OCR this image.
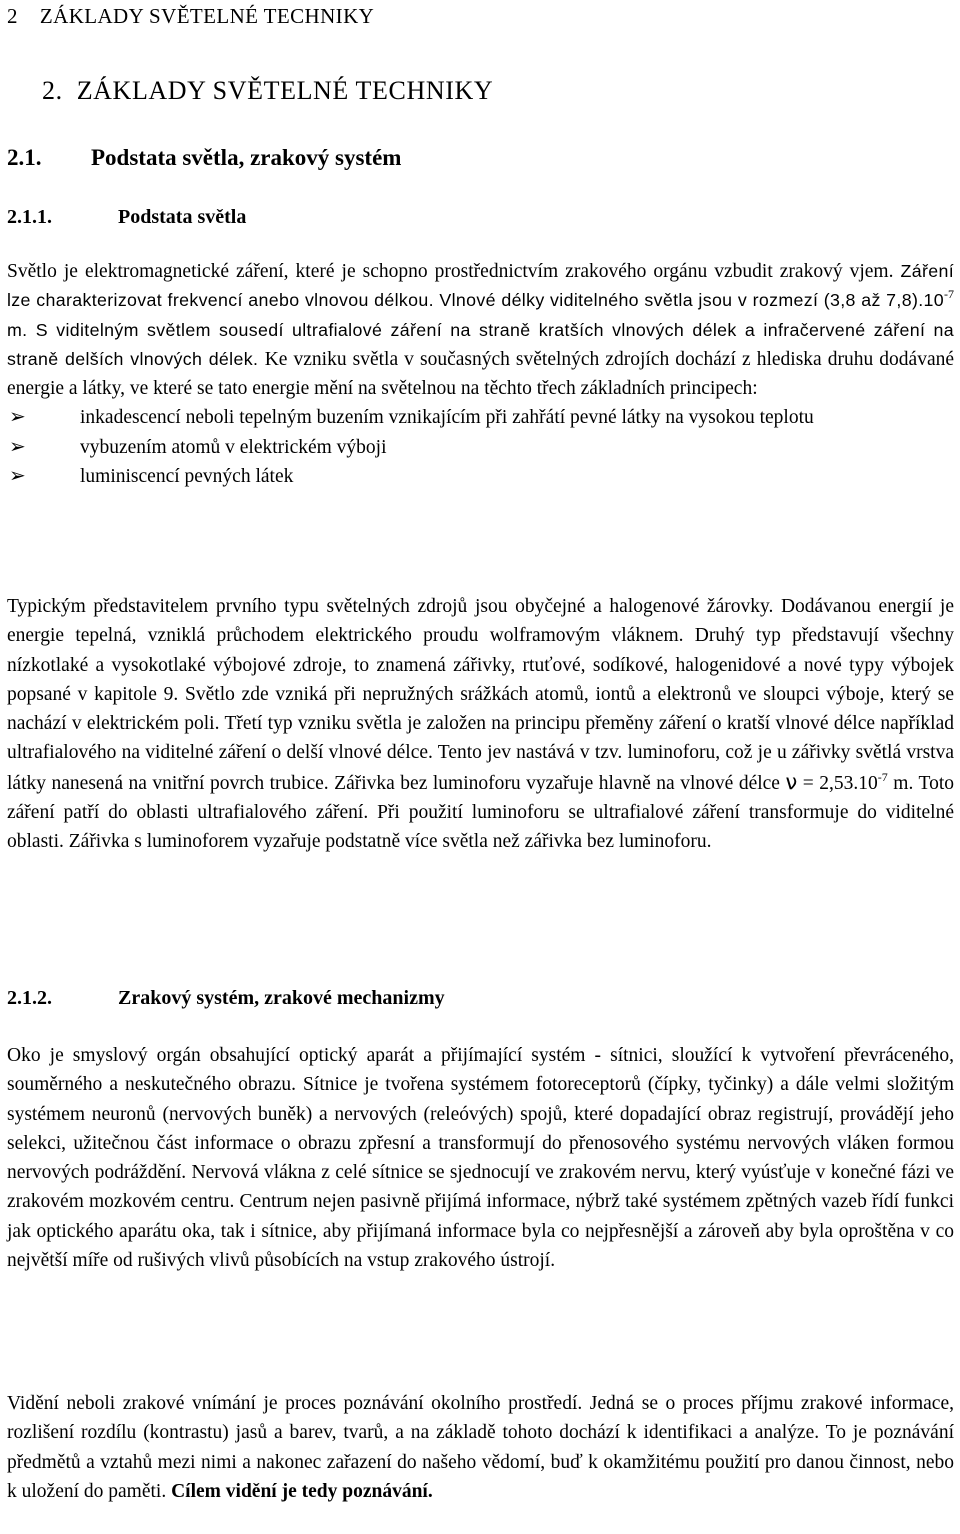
2 ZÁKLADY SVĚTELNÉ TECHNIKY
2. ZÁKLADY SVĚTELNÉ TECHNIKY
2.1. Podstata světla, zrakový systém
2.1.1.	Podstata světla
Světlo je elektromagnetické záření, které je schopno prostřednictvím zrakového orgánu vzbudit zrakový vjem. Záření lze charakterizovat frekvencí anebo vlnovou délkou. Vlnové délky viditelného světla jsou v rozmezí (3,8 až $7,8).10^{-7}$ m. S viditelným světlem sousedí ultrafialové záření na straně kratších vlnových délek a infračervené záření na straně delších vlnových délek. Ke vzniku světla v současných světelných zdrojích dochází z hlediska druhu dodávané energie a látky, ve které se tato energie mění na světelnou na těchto třech základních principech:
➢	inkadescencí neboli tepelným buzením vznikajícím při zahřátí pevné látky na vysokou teplotu
➢	vybuzením atomů v elektrickém výboji
➢	luminiscencí pevných látek

Typickým představitelem prvního typu světelných zdrojů jsou obyčejné a halogenové žárovky. Dodávanou energií je energie tepelná, vzniklá průchodem elektrického proudu wolframovým vláknem. Druhý typ představují všechny nízkotlaké a vysokotlaké výbojové zdroje, to znamená zářivky, rtuťové, sodíkové, halogenidové a nové typy výbojek popsané v kapitole 9. Světlo zde vzniká při nepružných srážkách atomů, iontů a elektronů ve sloupci výboje, který se nachází v elektrickém poli. Třetí typ vzniku světla je založen na principu přeměny záření o kratší vlnové délce například ultrafialového na viditelné záření o delší vlnové délce. Tento jev nastává v tzv. luminoforu, což je u zářivky světlá vrstva látky nanesená na vnitřní povrch trubice. Zářivka bez luminoforu vyzařuje hlavně na vlnové délce $\nu = 2,53.10^{-7}$ m. Toto záření patří do oblasti ultrafialového záření. Při použití luminoforu se ultrafialové záření transformuje do viditelné oblasti. Zářivka s luminoforem vyzařuje podstatně více světla než zářivka bez luminoforu.

2.1.2.	Zrakový systém, zrakové mechanizmy

Oko je smyslový orgán obsahující optický aparát a přijímající systém - sítnici, sloužící k vytvoření převráceného, souměrného a neskutečného obrazu. Sítnice je tvořena systémem fotoreceptorů (čípky, tyčinky) a dále velmi složitým systémem neuronů (nervových buněk) a nervových (releóvých) spojů, které dopadající obraz registrují, provádějí jeho selekci, užitečnou část informace o obrazu zpřesní a transformují do přenosového systému nervových vláken formou nervových podráždění. Nervová vlákna z celé sítnice se sjednocují ve zrakovém nervu, který vyúsťuje v konečné fázi ve zrakovém mozkovém centru. Centrum nejen pasivně přijímá informace, nýbrž také systémem zpětných vazeb řídí funkci jak optického aparátu oka, tak i sítnice, aby přijímaná informace byla co nejpřesnější a zároveň aby byla oproštěna v co největší míře od rušivých vlivů působících na vstup zrakového ústrojí.

Vidění neboli zrakové vnímání je proces poznávání okolního prostředí. Jedná se o proces příjmu zrakové informace, rozlišení rozdílu (kontrastu) jasů a barev, tvarů, a na základě tohoto dochází k identifikaci a analýze. To je poznávání předmětů a vztahů mezi nimi a nakonec zařazení do našeho vědomí, buď k okamžitému použití pro danou činnost, nebo k uložení do paměti. Cílem vidění je tedy poznávání.
